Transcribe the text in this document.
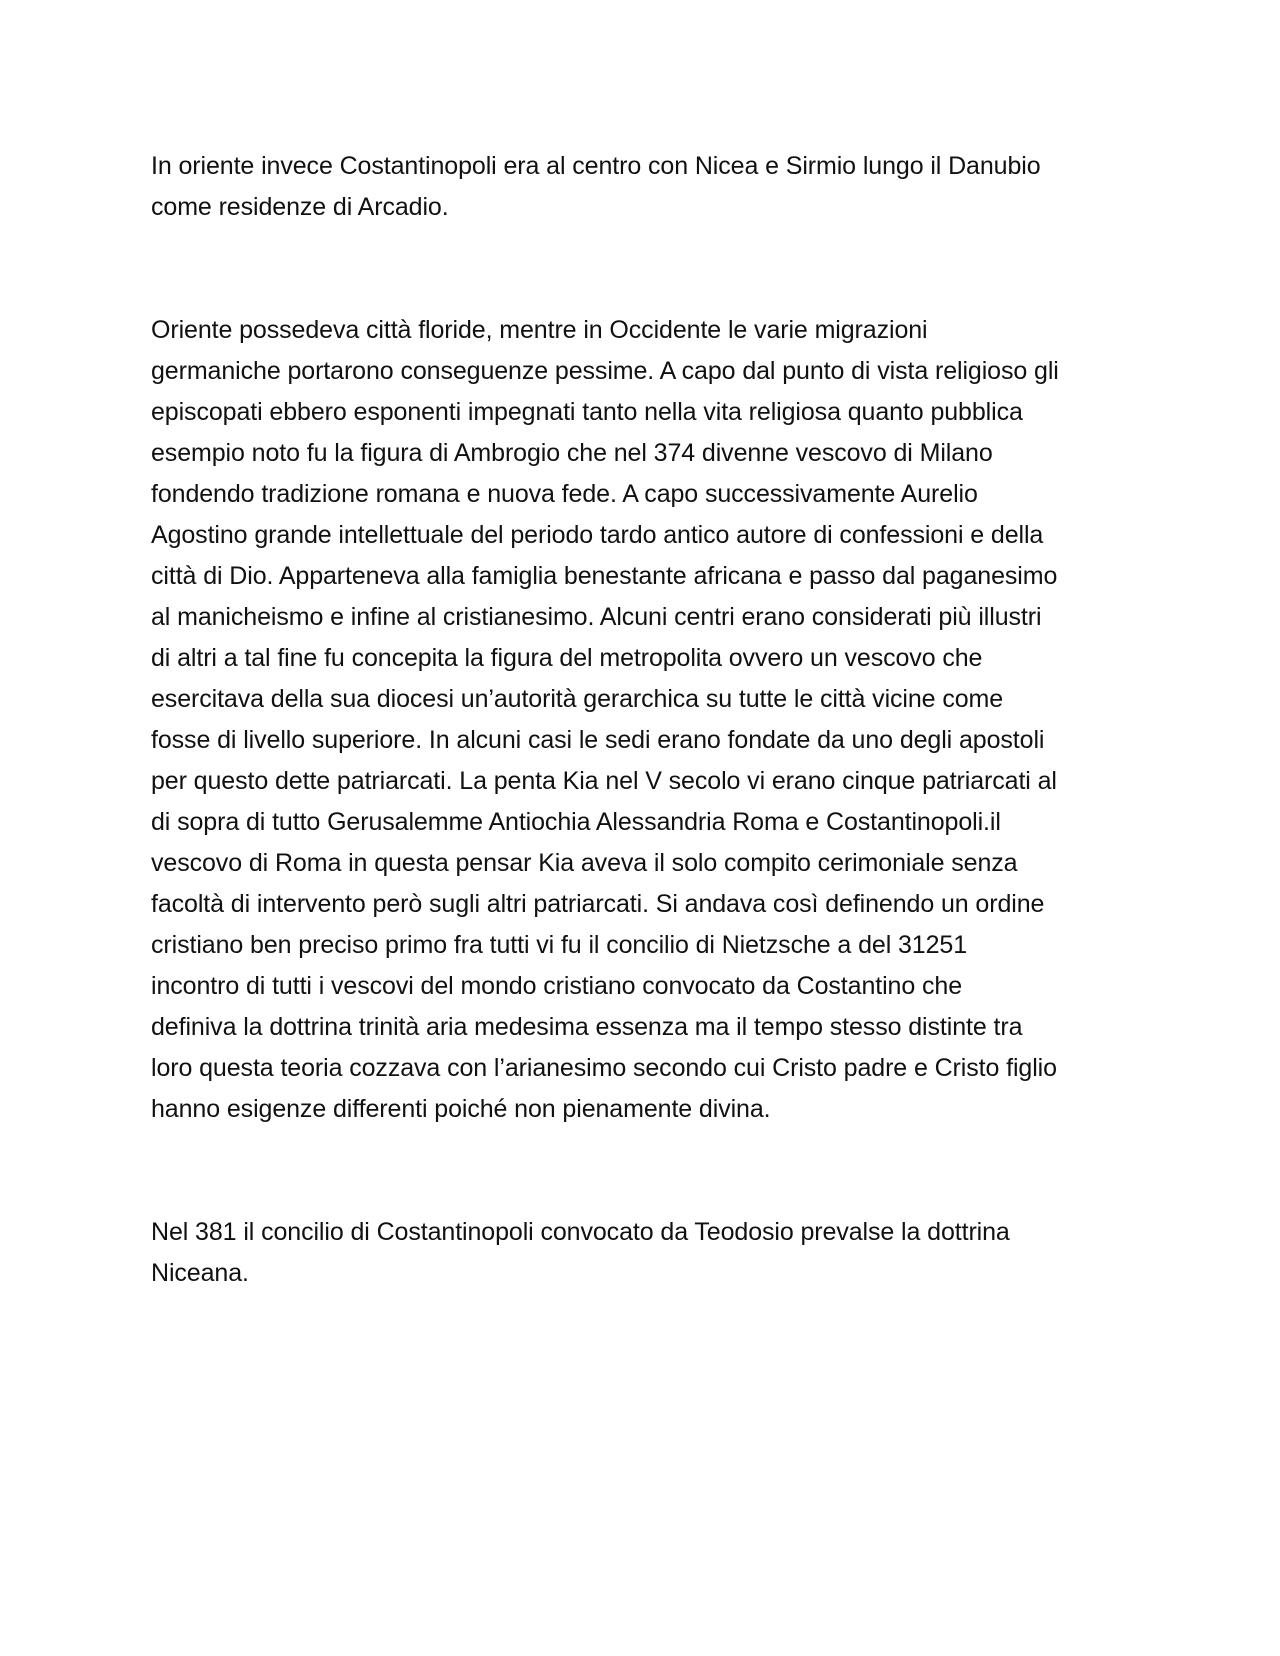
In oriente invece Costantinopoli era al centro con Nicea e Sirmio lungo il Danubio
come residenze di Arcadio.

Oriente possedeva città floride, mentre in Occidente le varie migrazioni
germaniche portarono conseguenze pessime. A capo dal punto di vista religioso gli
episcopati ebbero esponenti impegnati tanto nella vita religiosa quanto pubblica
esempio noto fu la figura di Ambrogio che nel 374 divenne vescovo di Milano
fondendo tradizione romana e nuova fede. A capo successivamente Aurelio
Agostino grande intellettuale del periodo tardo antico autore di confessioni e della
città di Dio. Apparteneva alla famiglia benestante africana e passo dal paganesimo
al manicheismo e infine al cristianesimo. Alcuni centri erano considerati più illustri
di altri a tal fine fu concepita la figura del metropolita ovvero un vescovo che
esercitava della sua diocesi un’autorità gerarchica su tutte le città vicine come
fosse di livello superiore. In alcuni casi le sedi erano fondate da uno degli apostoli
per questo dette patriarcati. La penta Kia nel V secolo vi erano cinque patriarcati al
di sopra di tutto Gerusalemme Antiochia Alessandria Roma e Costantinopoli.il
vescovo di Roma in questa pensar Kia aveva il solo compito cerimoniale senza
facoltà di intervento però sugli altri patriarcati. Si andava così definendo un ordine
cristiano ben preciso primo fra tutti vi fu il concilio di Nietzsche a del 31251
incontro di tutti i vescovi del mondo cristiano convocato da Costantino che
definiva la dottrina trinità aria medesima essenza ma il tempo stesso distinte tra
loro questa teoria cozzava con l’arianesimo secondo cui Cristo padre e Cristo figlio
hanno esigenze differenti poiché non pienamente divina.

Nel 381 il concilio di Costantinopoli convocato da Teodosio prevalse la dottrina
Niceana.
